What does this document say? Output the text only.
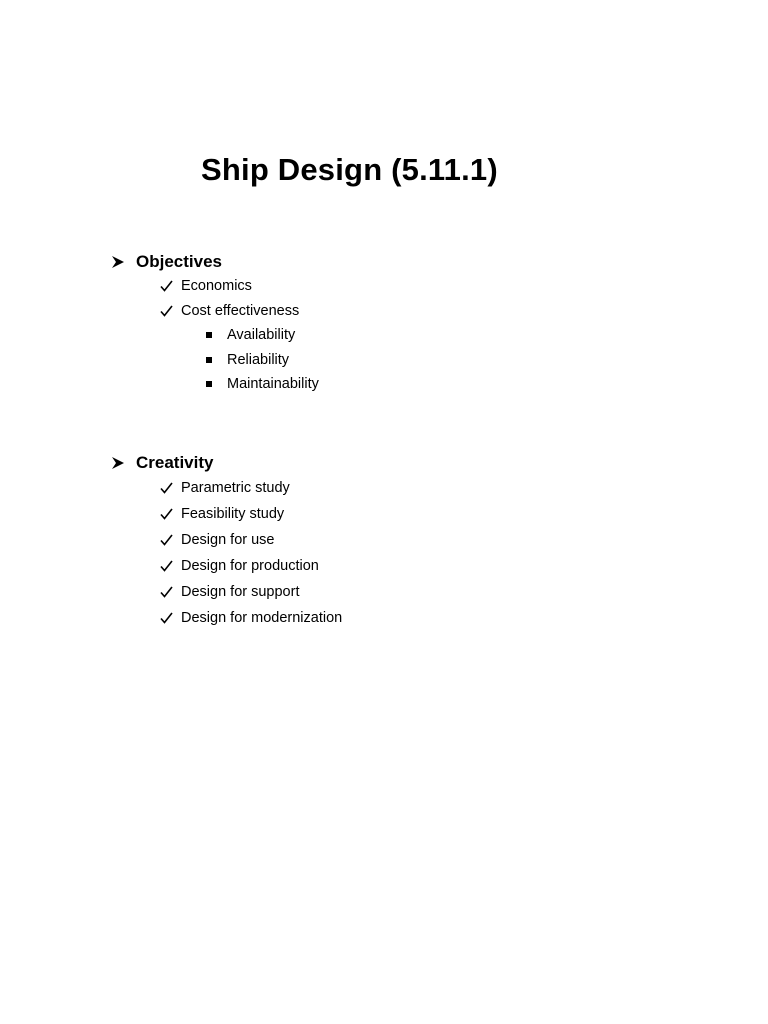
Ship Design (5.11.1)
Objectives
Economics
Cost effectiveness
Availability
Reliability
Maintainability
Creativity
Parametric study
Feasibility study
Design for use
Design for production
Design for support
Design for modernization
